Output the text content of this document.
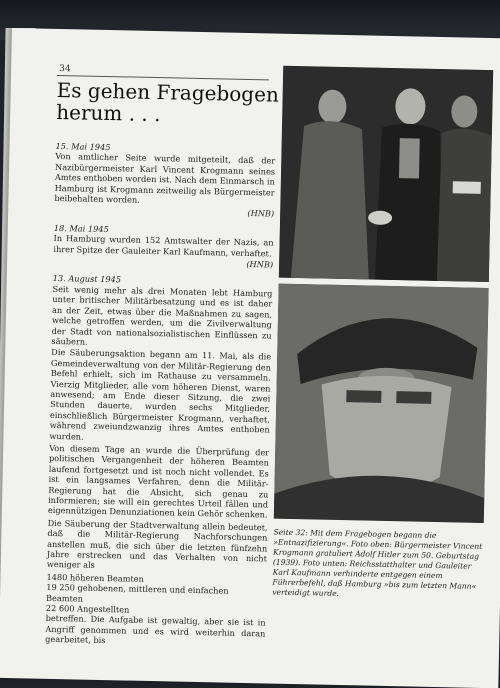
34
Es gehen Fragebogen herum . . .
15. Mai 1945

Von amtlicher Seite wurde mitgeteilt, daß der Nazibürgermeister Karl Vincent Krogmann seines Amtes enthoben worden ist. Nach dem Einmarsch in Hamburg ist Krogmann zeitweilig als Bürgermeister beibehalten worden.

(HNB)
18. Mai 1945

In Hamburg wurden 152 Amtswalter der Nazis, an ihrer Spitze der Gauleiter Karl Kaufmann, verhaftet.

(HNB)
13. August 1945

Seit wenig mehr als drei Monaten lebt Hamburg unter britischer Militärbesatzung und es ist daher an der Zeit, etwas über die Maßnahmen zu sagen, welche getroffen werden, um die Zivilverwaltung der Stadt von nationalsozialistischen Einflüssen zu säubern.

Die Säuberungsaktion begann am 11. Mai, als die Gemeindeverwaltung von der Militär-Regierung den Befehl erhielt, sich im Rathause zu versammeln. Vierzig Mitglieder, alle vom höheren Dienst, waren anwesend; am Ende dieser Sitzung, die zwei Stunden dauerte, wurden sechs Mitglieder, einschließlich Bürgermeister Krogmann, verhaftet, während zweiundzwanzig ihres Amtes enthoben wurden.

Von diesem Tage an wurde die Überprüfung der politischen Vergangenheit der höheren Beamten laufend fortgesetzt und ist noch nicht vollendet. Es ist ein langsames Verfahren, denn die Militär-Regierung hat die Absicht, sich genau zu informieren; sie will ein gerechtes Urteil fällen und eigennützigen Denunziationen kein Gehör schenken.

Die Säuberung der Stadtverwaltung allein bedeutet, daß die Militär-Regierung Nachforschungen anstellen muß, die sich über die letzten fünfzehn Jahre erstrecken und das Verhalten von nicht weniger als

1480 höheren Beamten
19 250 gehobenen, mittleren und einfachen Beamten
22 600 Angestellten

betreffen. Die Aufgabe ist gewaltig, aber sie ist in Angriff genommen und es wird weiterhin daran gearbeitet, bis

Seite 32: Mit dem Fragebogen begann die »Entnazifizierung«. Foto oben: Bürgermeister Vincent Krogmann gratuliert Adolf Hitler zum 50. Geburtstag (1939). Foto unten: Reichsstatthalter und Gauleiter Karl Kaufmann verhinderte entgegen einem Führerbefehl, daß Hamburg »bis zum letzten Mann« verteidigt wurde.
